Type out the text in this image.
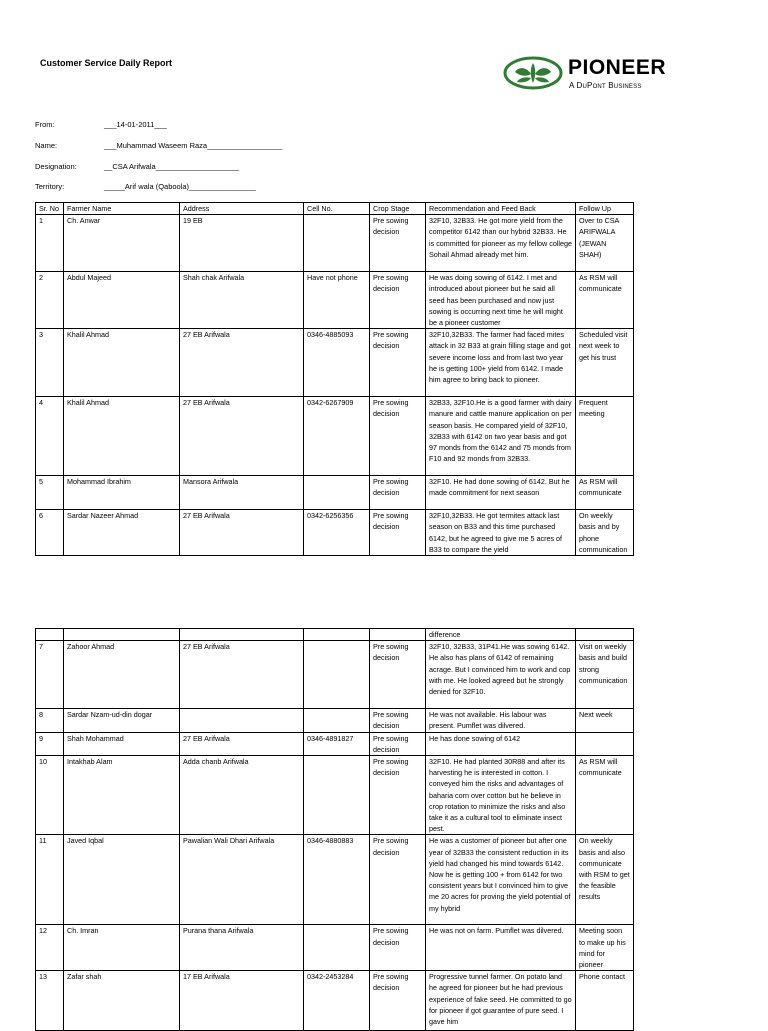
Customer Service Daily Report	PIONEER
A DuPont Business
From:	___14-01-2011___
Name:	___Muhammad Waseem Raza__________________
Designation:	__CSA Arifwala____________________
Territory:	_____Arif wala (Qaboola)________________
Sr. No	Farmer Name	Address	Cell No.	Crop Stage	Recommendation and Feed Back	Follow Up
1	Ch. Anwar	19 EB		Pre sowing decision	32F10, 32B33. He got more yield from the competitor 6142 than our hybrid 32B33. He is committed for pioneer as my fellow college Sohail Ahmad already met him.	Over to CSA ARIFWALA (JEWAN SHAH)
2	Abdul Majeed	Shah chak Arifwala	Have not phone	Pre sowing decision	He was doing sowing of 6142. I met and introduced about pioneer but he said all seed has been purchased and now just sowing is occurring next time he will might be a pioneer customer	As RSM will communicate
3	Khalil Ahmad	27 EB Arifwala	0346-4885093	Pre sowing decision	32F10,32B33. The farmer had faced mites attack in 32 B33 at grain filling stage and got severe income loss and from last two year he is getting 100+ yield from 6142. I made him agree to bring back to pioneer.	Scheduled visit next week to get his trust
4	Khalil Ahmad	27 EB Arifwala	0342-6267909	Pre sowing decision	32B33, 32F10.He is a good farmer with dairy manure and cattle manure application on per season basis. He compared yield of 32F10, 32B33 with 6142 on two year basis and got 97 monds from the 6142 and 75 monds from F10 and 92 monds from 32B33.	Frequent meeting
5	Mohammad Ibrahim	Mansora Arifwala		Pre sowing decision	32F10. He had done sowing of 6142. But he made commitment for next season	As RSM will communicate
6	Sardar Nazeer Ahmad	27 EB Arifwala	0342-6256356	Pre sowing decision	32F10,32B33. He got termites attack last season on B33 and this time purchased 6142, but he agreed to give me 5 acres of B33 to compare the yield	On weekly basis and by phone communication
					difference	
7	Zahoor Ahmad	27 EB Arifwala		Pre sowing decision	32F10, 32B33, 31P41.He was sowing 6142. He also has plans of 6142 of remaining acrage. But I convinced him to work and cop with me. He looked agreed but he strongly denied for 32F10.	Visit on weekly basis and build strong communication
8	Sardar Nzam-ud-din dogar			Pre sowing decision	He was not available. His labour was present. Pumflet was dilvered.	Next week
9	Shah Mohammad	27 EB Arifwala	0346-4891827	Pre sowing decision	He has done sowing of 6142	
10	Intakhab Alam	Adda chanb Arifwala		Pre sowing decision	32F10. He had planted 30R88 and after its harvesting he is interested in cotton. I conveyed him the risks and advantages of baharia corn over cotton but he believe in crop rotation to minimize the risks and also take it as a cultural tool to eliminate insect pest.	As RSM will communicate
11	Javed Iqbal	Pawalian Wali Dhari Arifwala	0346-4880883	Pre sowing decision	He was a customer of pioneer but after one year of 32B33 the consistent reduction in its yield had changed his mind towards 6142. Now he is getting 100 + from 6142 for two consistent years but I convinced him to give me 20 acres for proving the yield potential of my hybrid	On weekly basis and also communicate with RSM to get the feasible results
12	Ch. Imran	Purana thana Arifwala		Pre sowing decision	He was not on farm. Pumflet was dilvered.	Meeting soon to make up his mind for pioneer
13	Zafar shah	17 EB Arifwala	0342-2453284	Pre sowing decision	Progressive tunnel farmer. On potato land he agreed for pioneer but he had previous experience of fake seed. He committed to go for pioneer if got guarantee of pure seed. I gave him	Phone contact
